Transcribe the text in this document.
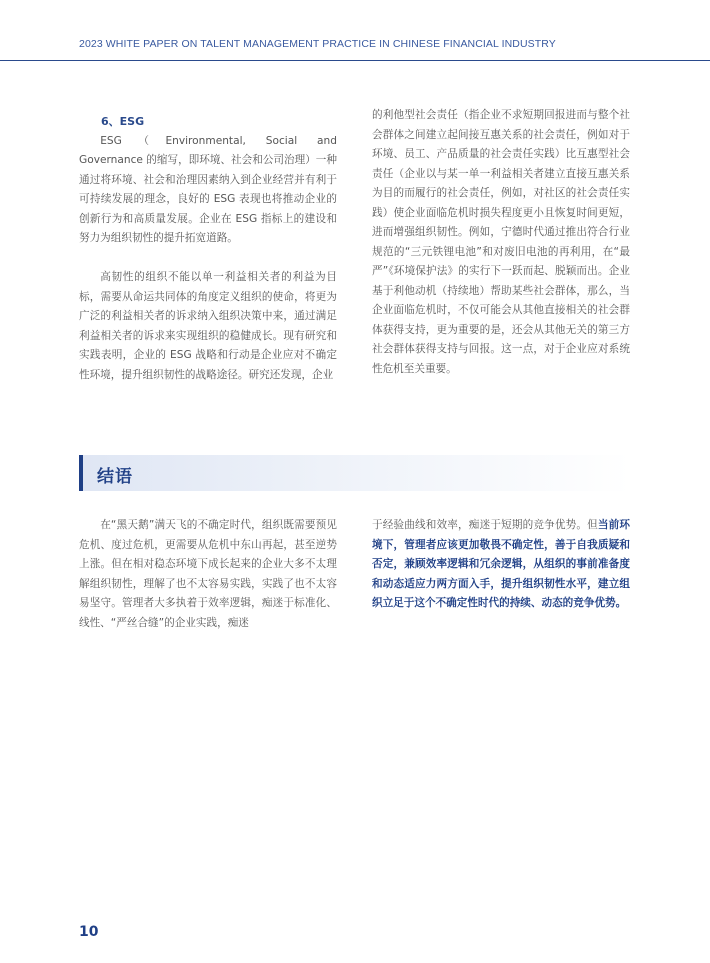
2023 WHITE PAPER ON TALENT MANAGEMENT PRACTICE IN CHINESE FINANCIAL INDUSTRY

6、ESG

ESG（Environmental, Social and Governance 的缩写，即环境、社会和公司治理）一种通过将环境、社会和治理因素纳入到企业经营并有利于可持续发展的理念，良好的 ESG 表现也将推动企业的创新行为和高质量发展。企业在 ESG 指标上的建设和努力为组织韧性的提升拓宽道路。

高韧性的组织不能以单一利益相关者的利益为目标，需要从命运共同体的角度定义组织的使命，将更为广泛的利益相关者的诉求纳入组织决策中来，通过满足利益相关者的诉求来实现组织的稳健成长。现有研究和实践表明，企业的 ESG 战略和行动是企业应对不确定性环境，提升组织韧性的战略途径。研究还发现，企业

的利他型社会责任（指企业不求短期回报进而与整个社会群体之间建立起间接互惠关系的社会责任，例如对于环境、员工、产品质量的社会责任实践）比互惠型社会责任（企业以与某一单一利益相关者建立直接互惠关系为目的而履行的社会责任，例如，对社区的社会责任实践）使企业面临危机时损失程度更小且恢复时间更短，进而增强组织韧性。例如，宁德时代通过推出符合行业规范的“三元铁锂电池”和对废旧电池的再利用，在“最严”《环境保护法》的实行下一跃而起、脱颖而出。企业基于利他动机（持续地）帮助某些社会群体，那么，当企业面临危机时，不仅可能会从其他直接相关的社会群体获得支持，更为重要的是，还会从其他无关的第三方社会群体获得支持与回报。这一点，对于企业应对系统性危机至关重要。

结语

在“黑天鹅”满天飞的不确定时代，组织既需要预见危机、度过危机，更需要从危机中东山再起，甚至逆势上涨。但在相对稳态环境下成长起来的企业大多不太理解组织韧性，理解了也不太容易实践，实践了也不太容易坚守。管理者大多执着于效率逻辑，痴迷于标准化、线性、“严丝合缝”的企业实践，痴迷

于经验曲线和效率，痴迷于短期的竞争优势。但当前环境下，管理者应该更加敬畏不确定性，善于自我质疑和否定，兼顾效率逻辑和冗余逻辑，从组织的事前准备度和动态适应力两方面入手，提升组织韧性水平，建立组织立足于这个不确定性时代的持续、动态的竞争优势。

10
